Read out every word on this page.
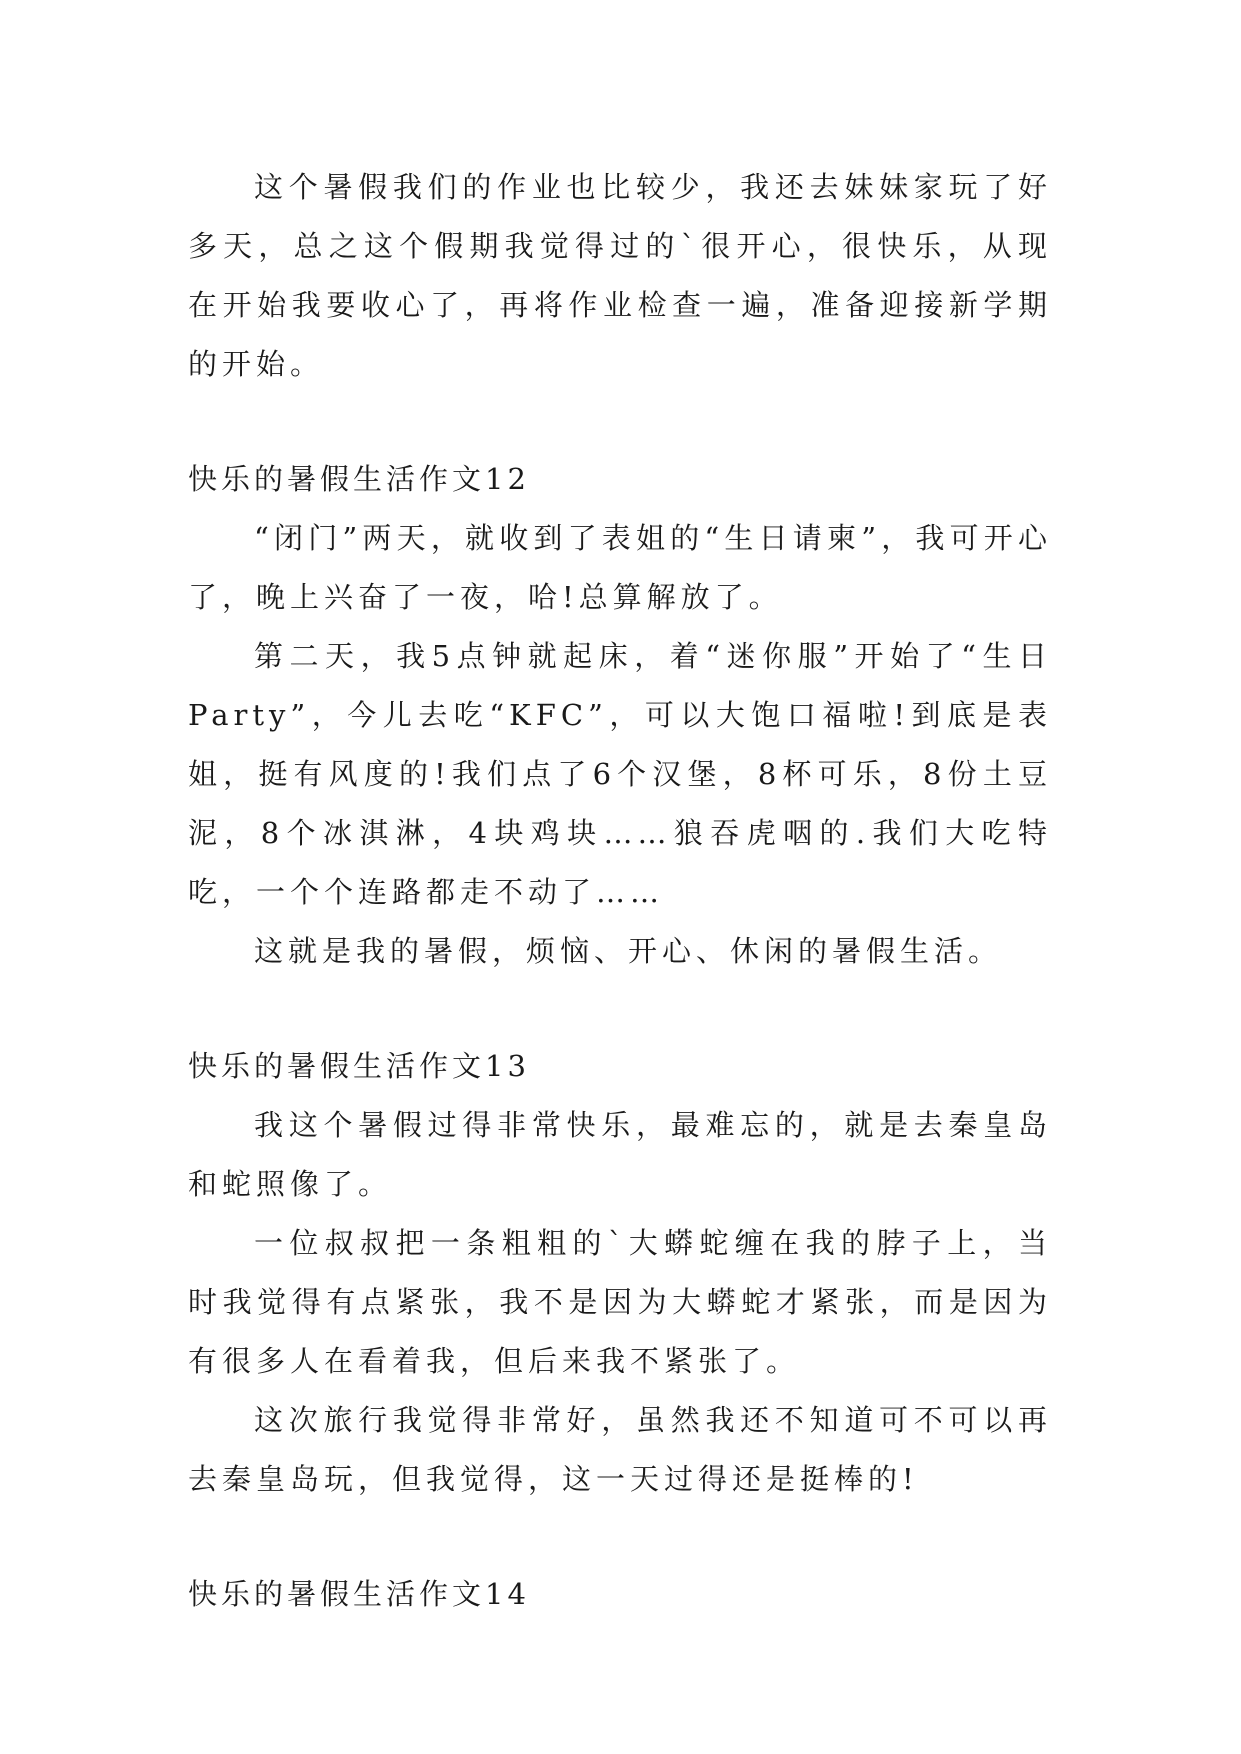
这个暑假我们的作业也比较少，我还去妹妹家玩了好多天，总之这个假期我觉得过的`很开心，很快乐，从现在开始我要收心了，再将作业检查一遍，准备迎接新学期的开始。

快乐的暑假生活作文12

“闭门”两天，就收到了表姐的“生日请柬”，我可开心了，晚上兴奋了一夜，哈!总算解放了。

第二天，我5点钟就起床，着“迷你服”开始了“生日Party”，今儿去吃“KFC”，可以大饱口福啦!到底是表姐，挺有风度的!我们点了6个汉堡，8杯可乐，8份土豆泥，8个冰淇淋，4块鸡块……狼吞虎咽的.我们大吃特吃，一个个连路都走不动了……

这就是我的暑假，烦恼、开心、休闲的暑假生活。

快乐的暑假生活作文13

我这个暑假过得非常快乐，最难忘的，就是去秦皇岛和蛇照像了。

一位叔叔把一条粗粗的`大蟒蛇缠在我的脖子上，当时我觉得有点紧张，我不是因为大蟒蛇才紧张，而是因为有很多人在看着我，但后来我不紧张了。

这次旅行我觉得非常好，虽然我还不知道可不可以再去秦皇岛玩，但我觉得，这一天过得还是挺棒的!

快乐的暑假生活作文14
